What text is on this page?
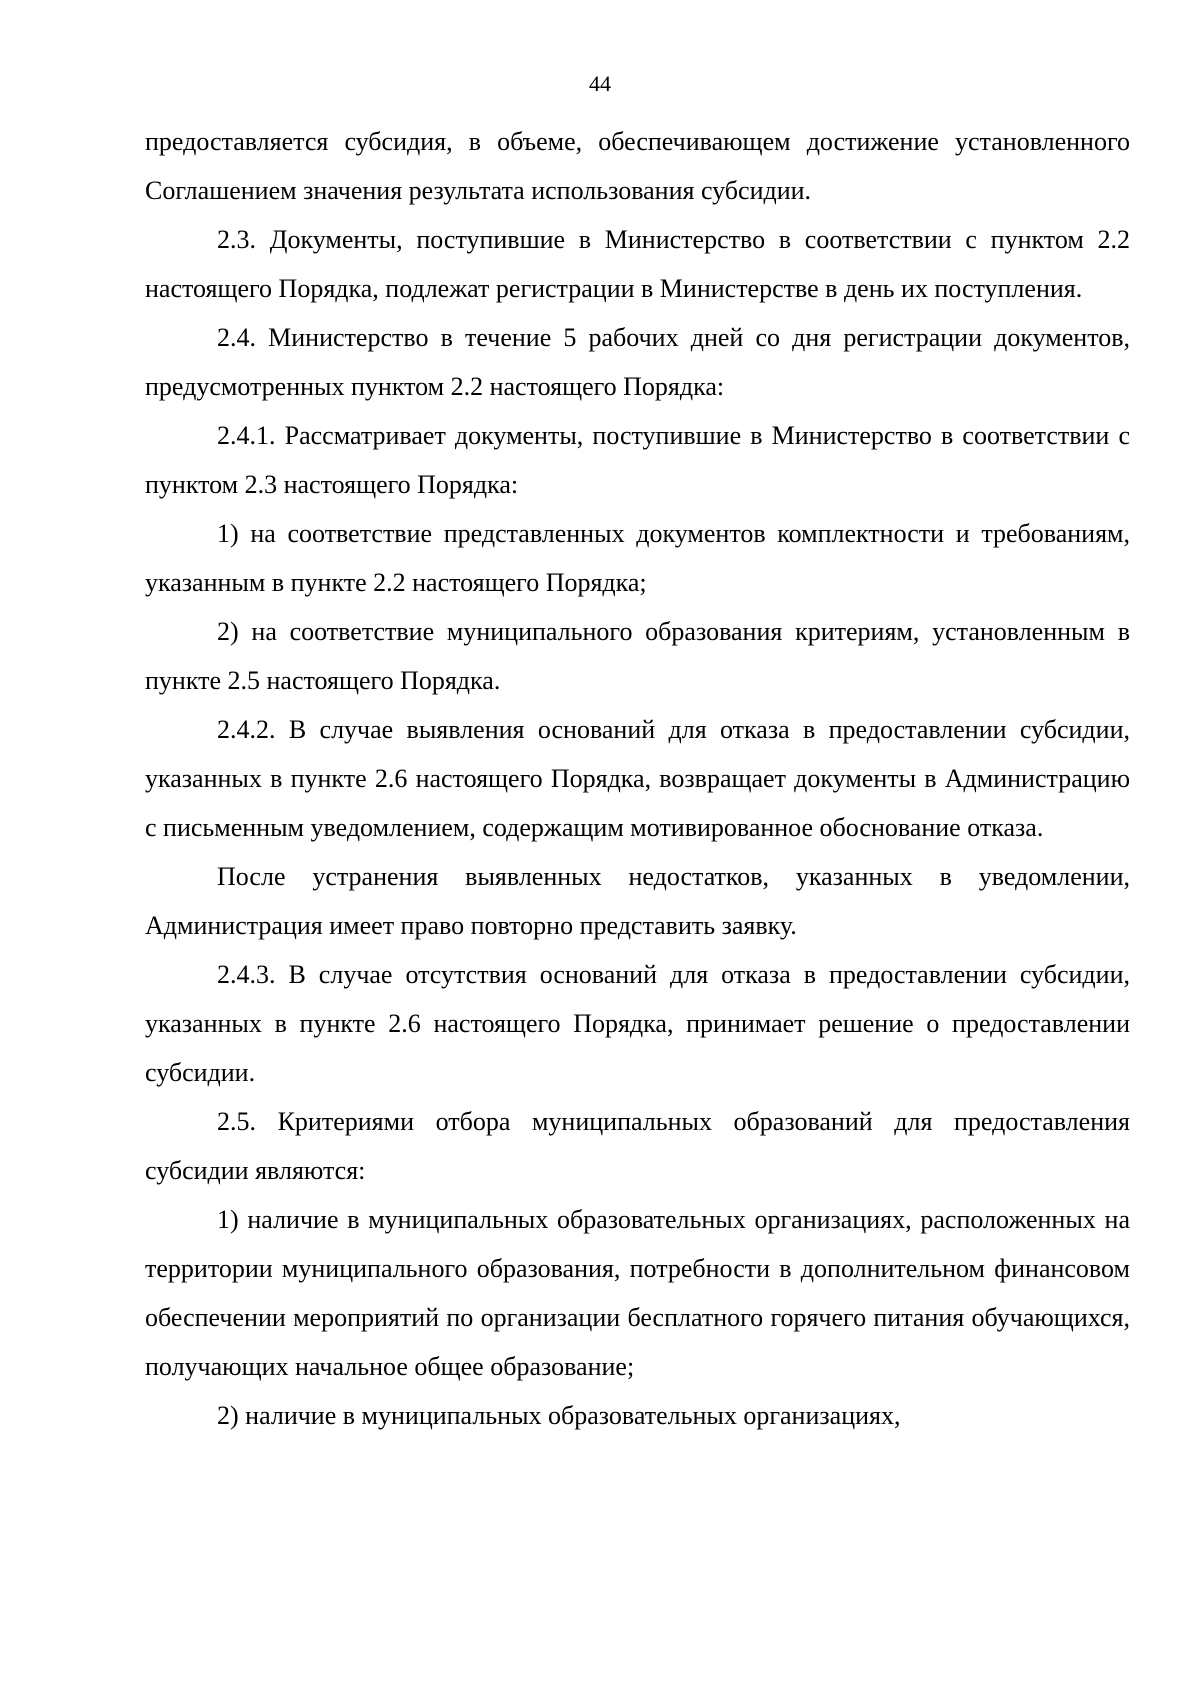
44

предоставляется субсидия, в объеме, обеспечивающем достижение установленного Соглашением значения результата использования субсидии.

2.3. Документы, поступившие в Министерство в соответствии с пунктом 2.2 настоящего Порядка, подлежат регистрации в Министерстве в день их поступления.

2.4. Министерство в течение 5 рабочих дней со дня регистрации документов, предусмотренных пунктом 2.2 настоящего Порядка:

2.4.1. Рассматривает документы, поступившие в Министерство в соответствии с пунктом 2.3 настоящего Порядка:

1) на соответствие представленных документов комплектности и требованиям, указанным в пункте 2.2 настоящего Порядка;

2) на соответствие муниципального образования критериям, установленным в пункте 2.5 настоящего Порядка.

2.4.2. В случае выявления оснований для отказа в предоставлении субсидии, указанных в пункте 2.6 настоящего Порядка, возвращает документы в Администрацию с письменным уведомлением, содержащим мотивированное обоснование отказа.

После устранения выявленных недостатков, указанных в уведомлении, Администрация имеет право повторно представить заявку.

2.4.3. В случае отсутствия оснований для отказа в предоставлении субсидии, указанных в пункте 2.6 настоящего Порядка, принимает решение о предоставлении субсидии.

2.5. Критериями отбора муниципальных образований для предоставления субсидии являются:

1) наличие в муниципальных образовательных организациях, расположенных на территории муниципального образования, потребности в дополнительном финансовом обеспечении мероприятий по организации бесплатного горячего питания обучающихся, получающих начальное общее образование;

2) наличие в муниципальных образовательных организациях,
